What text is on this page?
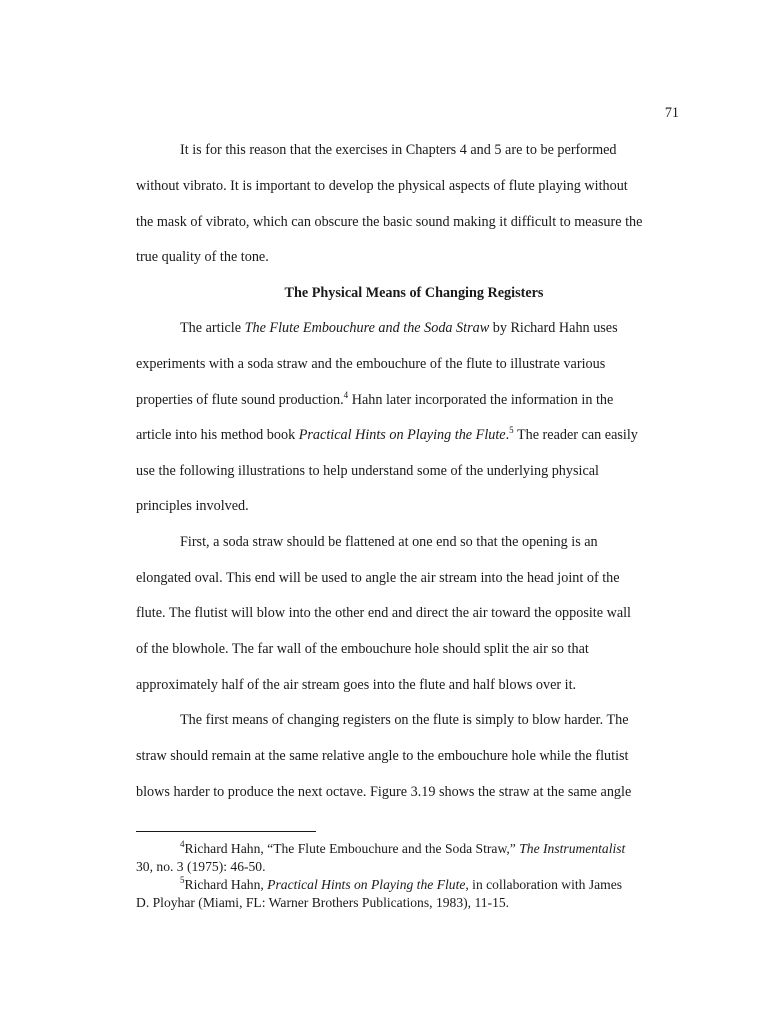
71
It is for this reason that the exercises in Chapters 4 and 5 are to be performed
without vibrato. It is important to develop the physical aspects of flute playing without
the mask of vibrato, which can obscure the basic sound making it difficult to measure the
true quality of the tone.
The Physical Means of Changing Registers
The article The Flute Embouchure and the Soda Straw by Richard Hahn uses
experiments with a soda straw and the embouchure of the flute to illustrate various
properties of flute sound production.$^4$ Hahn later incorporated the information in the
article into his method book Practical Hints on Playing the Flute.$^5$ The reader can easily
use the following illustrations to help understand some of the underlying physical
principles involved.
First, a soda straw should be flattened at one end so that the opening is an
elongated oval. This end will be used to angle the air stream into the head joint of the
flute. The flutist will blow into the other end and direct the air toward the opposite wall
of the blowhole. The far wall of the embouchure hole should split the air so that
approximately half of the air stream goes into the flute and half blows over it.
The first means of changing registers on the flute is simply to blow harder. The
straw should remain at the same relative angle to the embouchure hole while the flutist
blows harder to produce the next octave. Figure 3.19 shows the straw at the same angle
$^4$Richard Hahn, “The Flute Embouchure and the Soda Straw,” The Instrumentalist
30, no. 3 (1975): 46-50.
$^5$Richard Hahn, Practical Hints on Playing the Flute, in collaboration with James
D. Ployhar (Miami, FL: Warner Brothers Publications, 1983), 11-15.
